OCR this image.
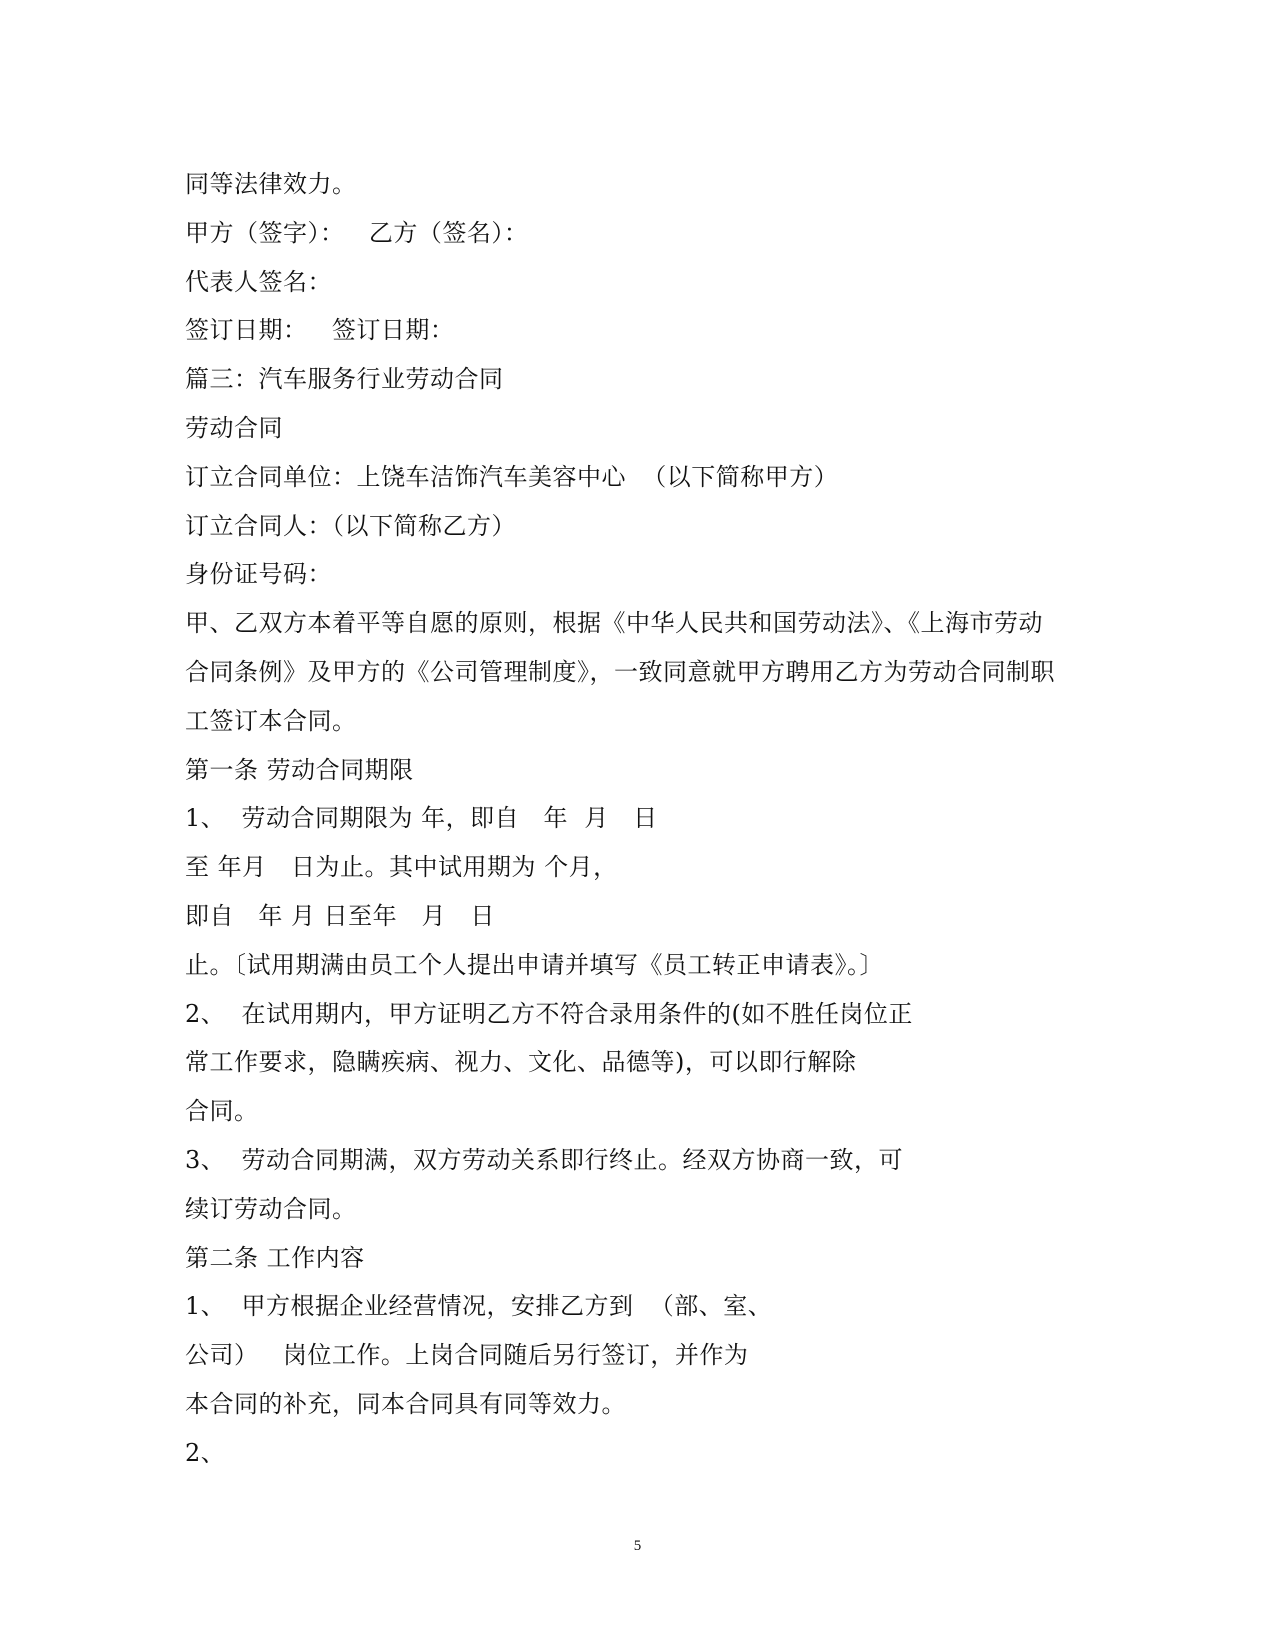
同等法律效力。
甲方（签字）：   乙方（签名）：
代表人签名：
签订日期：   签订日期：
篇三：汽车服务行业劳动合同
劳动合同
订立合同单位：上饶车洁饰汽车美容中心  （以下简称甲方）
订立合同人：（以下简称乙方）
身份证号码：
甲、乙双方本着平等自愿的原则，根据《中华人民共和国劳动法》、《上海市劳动
合同条例》及甲方的《公司管理制度》，一致同意就甲方聘用乙方为劳动合同制职
工签订本合同。
第一条 劳动合同期限
1、  劳动合同期限为 年，即自   年  月   日
至 年月   日为止。其中试用期为 个月，
即自   年 月 日至年   月   日
止。〔试用期满由员工个人提出申请并填写《员工转正申请表》。〕
2、  在试用期内，甲方证明乙方不符合录用条件的(如不胜任岗位正
常工作要求，隐瞒疾病、视力、文化、品德等)，可以即行解除
合同。
3、  劳动合同期满，双方劳动关系即行终止。经双方协商一致，可
续订劳动合同。
第二条 工作内容
1、  甲方根据企业经营情况，安排乙方到  （部、室、
公司）   岗位工作。上岗合同随后另行签订，并作为
本合同的补充，同本合同具有同等效力。
2、
5
